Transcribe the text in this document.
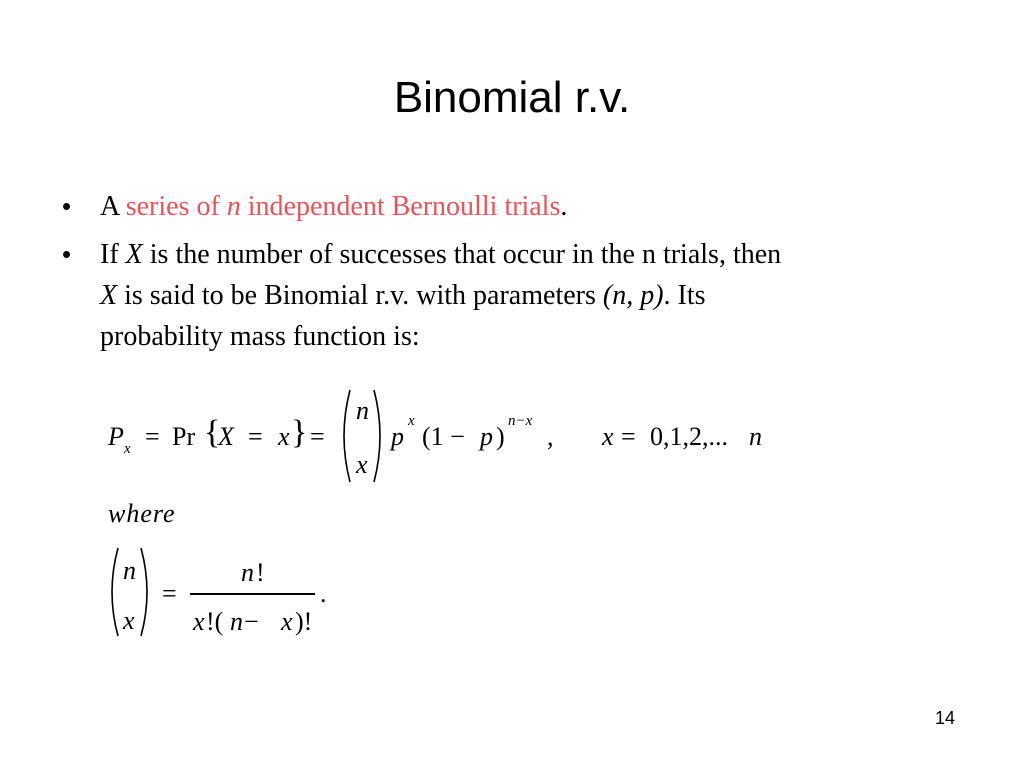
Binomial r.v.
• A series of n independent Bernoulli trials.
• If X is the number of successes that occur in the n trials, then
X is said to be Binomial r.v. with parameters (n, p). Its
probability mass function is:
P x = Pr {
X = x } =
n
x
p
x
(1 − p )
n−x
, x = 0,1,2,... n
where
n
x
=
n !
x !( n − x )!
.
14
